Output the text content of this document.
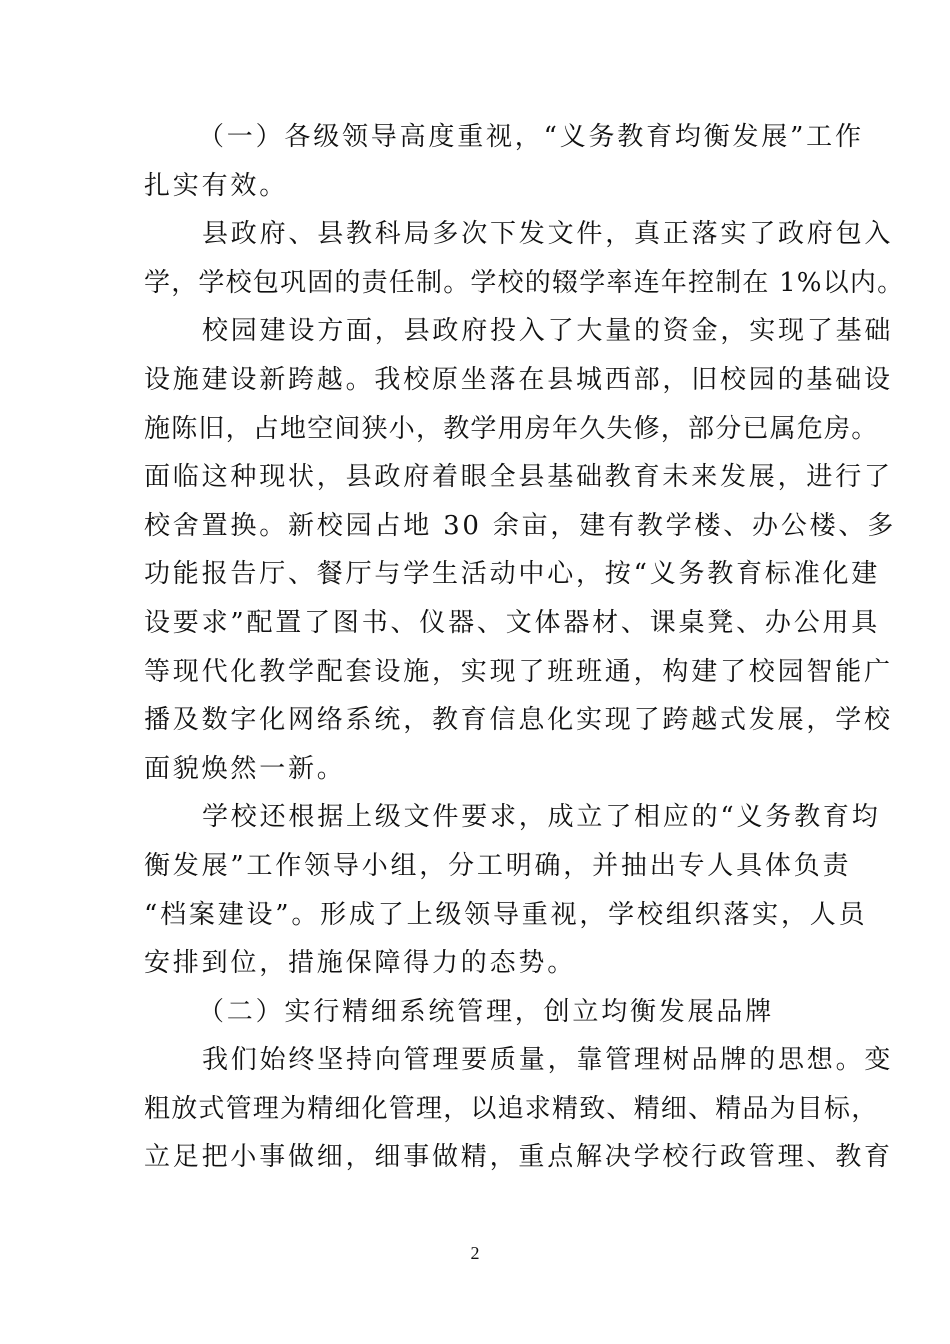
（一）各级领导高度重视，“义务教育均衡发展”工作
扎实有效。
县政府、县教科局多次下发文件，真正落实了政府包入
学，学校包巩固的责任制。学校的辍学率连年控制在 1%以内。
校园建设方面，县政府投入了大量的资金，实现了基础
设施建设新跨越。我校原坐落在县城西部，旧校园的基础设
施陈旧，占地空间狭小，教学用房年久失修，部分已属危房。
面临这种现状，县政府着眼全县基础教育未来发展，进行了
校舍置换。新校园占地 30 余亩，建有教学楼、办公楼、多
功能报告厅、餐厅与学生活动中心，按“义务教育标准化建
设要求”配置了图书、仪器、文体器材、课桌凳、办公用具
等现代化教学配套设施，实现了班班通，构建了校园智能广
播及数字化网络系统，教育信息化实现了跨越式发展，学校
面貌焕然一新。
学校还根据上级文件要求，成立了相应的“义务教育均
衡发展”工作领导小组，分工明确，并抽出专人具体负责
“档案建设”。形成了上级领导重视，学校组织落实，人员
安排到位，措施保障得力的态势。
（二）实行精细系统管理，创立均衡发展品牌
我们始终坚持向管理要质量，靠管理树品牌的思想。变
粗放式管理为精细化管理，以追求精致、精细、精品为目标，
立足把小事做细，细事做精，重点解决学校行政管理、教育
2
